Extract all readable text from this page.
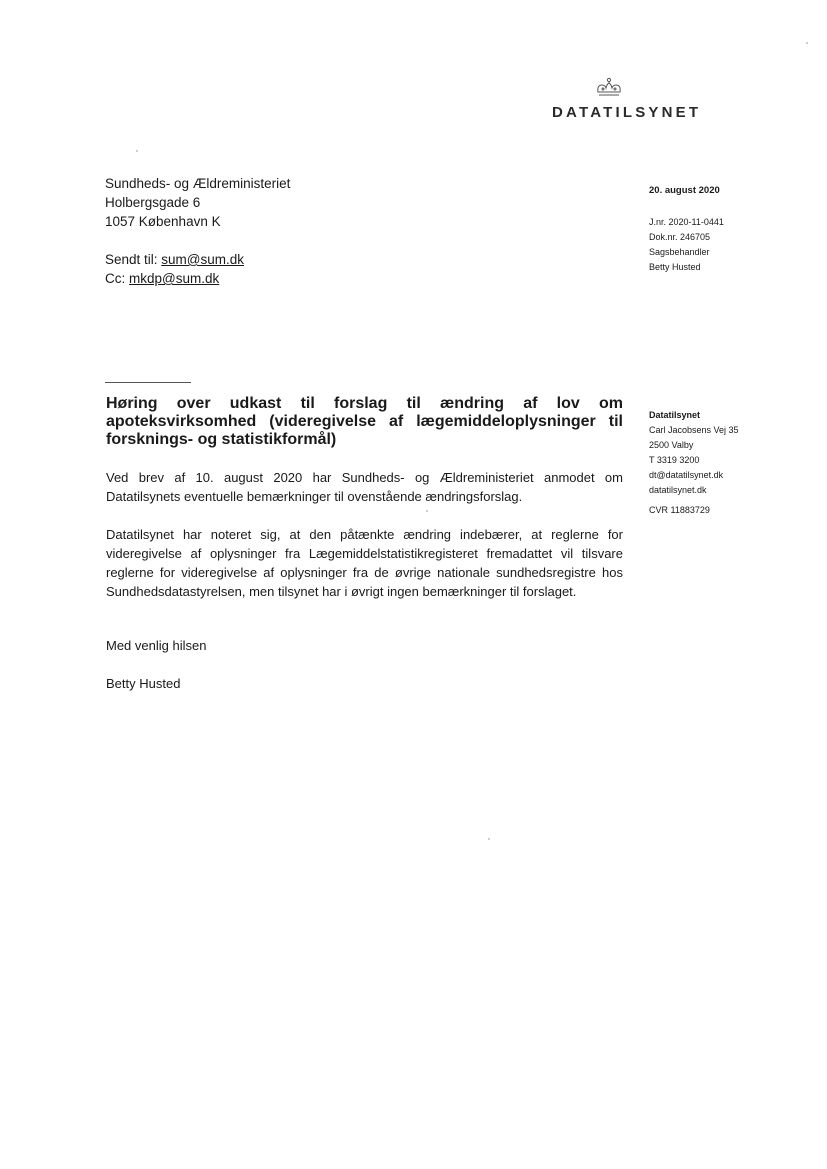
DATATILSYNET
Sundheds- og Ældreministeriet
Holbergsgade 6
1057 København K
Sendt til: sum@sum.dk
Cc: mkdp@sum.dk
20. august 2020
J.nr. 2020-11-0441
Dok.nr. 246705
Sagsbehandler
Betty Husted
Datatilsynet
Carl Jacobsens Vej 35
2500 Valby
T 3319 3200
dt@datatilsynet.dk
datatilsynet.dk
CVR 11883729
Høring over udkast til forslag til ændring af lov om apoteksvirksomhed (videregivelse af lægemiddeloplysninger til forsknings- og statistikformål)
Ved brev af 10. august 2020 har Sundheds- og Ældreministeriet anmodet om Datatilsynets eventuelle bemærkninger til ovenstående ændringsforslag.
Datatilsynet har noteret sig, at den påtænkte ændring indebærer, at reglerne for videregivelse af oplysninger fra Lægemiddelstatistikregisteret fremadattet vil tilsvare reglerne for videregivelse af oplysninger fra de øvrige nationale sundhedsregistre hos Sundhedsdatastyrelsen, men tilsynet har i øvrigt ingen bemærkninger til forslaget.
Med venlig hilsen
Betty Husted
